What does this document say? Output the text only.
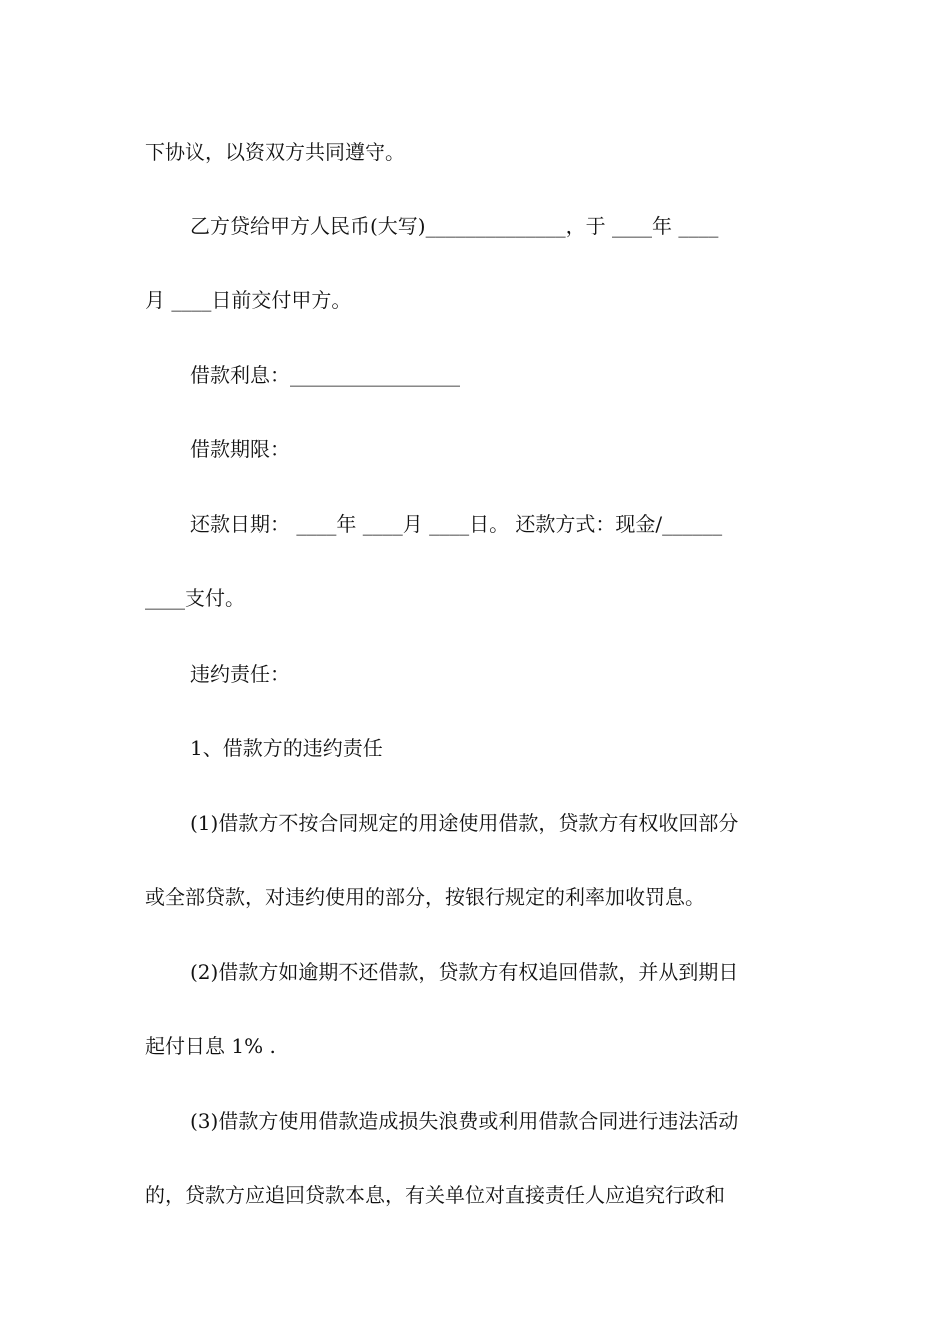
下协议，以资双方共同遵守。
乙方贷给甲方人民币(大写)______________，于 ____年 ____
月 ____日前交付甲方。
借款利息：_________________
借款期限：
还款日期： ____年 ____月 ____日。 还款方式：现金/______
____支付。
违约责任：
1、借款方的违约责任
(1)借款方不按合同规定的用途使用借款，贷款方有权收回部分
或全部贷款，对违约使用的部分，按银行规定的利率加收罚息。
(2)借款方如逾期不还借款，贷款方有权追回借款，并从到期日
起付日息 1% .
(3)借款方使用借款造成损失浪费或利用借款合同进行违法活动
的，贷款方应追回贷款本息，有关单位对直接责任人应追究行政和
